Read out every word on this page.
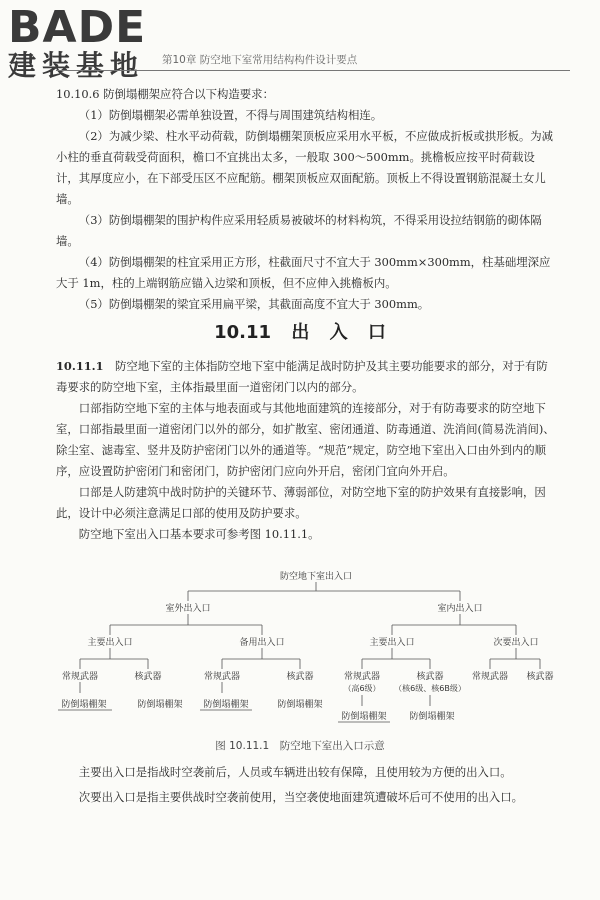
BADE
建装基地	第10章 防空地下室常用结构构件设计要点

10.10.6 防倒塌棚架应符合以下构造要求：

（1）防倒塌棚架必需单独设置，不得与周围建筑结构相连。

（2）为减少梁、柱水平动荷载，防倒塌棚架顶板应采用水平板，不应做成折板或拱形板。为减小柱的垂直荷载受荷面积，檐口不宜挑出太多，一般取 300～500mm。挑檐板应按平时荷载设计，其厚度应小，在下部受压区不应配筋。棚架顶板应双面配筋。顶板上不得设置钢筋混凝土女儿墙。

（3）防倒塌棚架的围护构件应采用轻质易被破坏的材料构筑，不得采用设拉结钢筋的砌体隔墙。

（4）防倒塌棚架的柱宜采用正方形，柱截面尺寸不宜大于 300mm×300mm，柱基础埋深应大于 1m，柱的上端钢筋应锚入边梁和顶板，但不应伸入挑檐板内。

（5）防倒塌棚架的梁宜采用扁平梁，其截面高度不宜大于 300mm。

10.11 出 入 口

10.11.1　 防空地下室的主体指防空地下室中能满足战时防护及其主要功能要求的部分，对于有防毒要求的防空地下室，主体指最里面一道密闭门以内的部分。

口部指防空地下室的主体与地表面或与其他地面建筑的连接部分，对于有防毒要求的防空地下室，口部指最里面一道密闭门以外的部分，如扩散室、密闭通道、防毒通道、洗消间(简易洗消间)、除尘室、滤毒室、竖井及防护密闭门以外的通道等。“规范”规定，防空地下室出入口由外到内的顺序，应设置防护密闭门和密闭门，防护密闭门应向外开启，密闭门宜向外开启。

口部是人防建筑中战时防护的关键环节、薄弱部位，对防空地下室的防护效果有直接影响，因此，设计中必须注意满足口部的使用及防护要求。

防空地下室出入口基本要求可参考图 10.11.1。

防空地下室出入口
室外出入口	室内出入口
主要出入口	备用出入口	主要出入口	次要出入口
常规武器	核武器	常规武器	核武器	常规武器	核武器	常规武器 核武器
（高6级） （核6级、核6B级）
防倒塌棚架	防倒塌棚架 防倒塌棚架	防倒塌棚架
防倒塌棚架	防倒塌棚架
图 10.11.1　防空地下室出入口示意

主要出入口是指战时空袭前后，人员或车辆进出较有保障，且使用较为方便的出入口。

次要出入口是指主要供战时空袭前使用，当空袭使地面建筑遭破坏后可不使用的出入口。
